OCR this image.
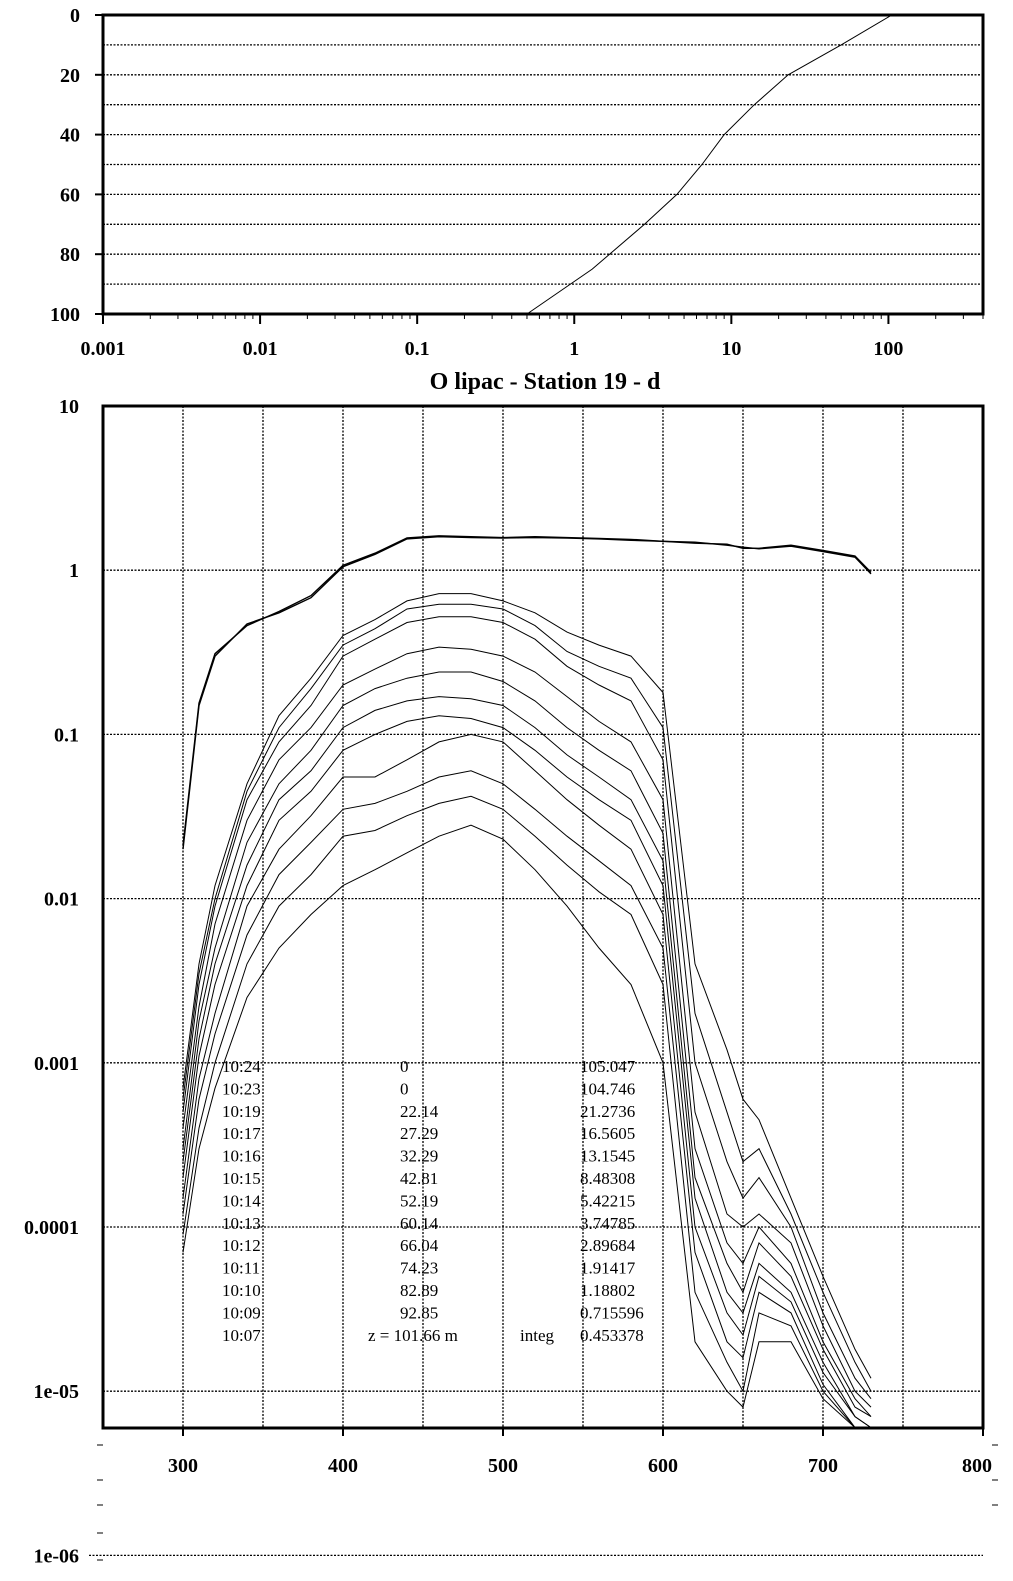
0
20
40
60
80
100
0.001	0.01	0.1	1	10	100
O lipac - Station 19 - d
10
1
0.1
0.01
0.001
0.0001
1e-05
1e-06
300	400	500	600	700	800
10:24	0	105.047
10:23	0	104.746
10:19	22.14	21.2736
10:17	27.29	16.5605
10:16	32.29	13.1545
10:15	42.81	8.48308
10:14	52.19	5.42215
10:13	60.14	3.74785
10:12	66.04	2.89684
10:11	74.23	1.91417
10:10	82.89	1.18802
10:09	92.85	0.715596
10:07	z = 101.66 m	integ 0.453378
